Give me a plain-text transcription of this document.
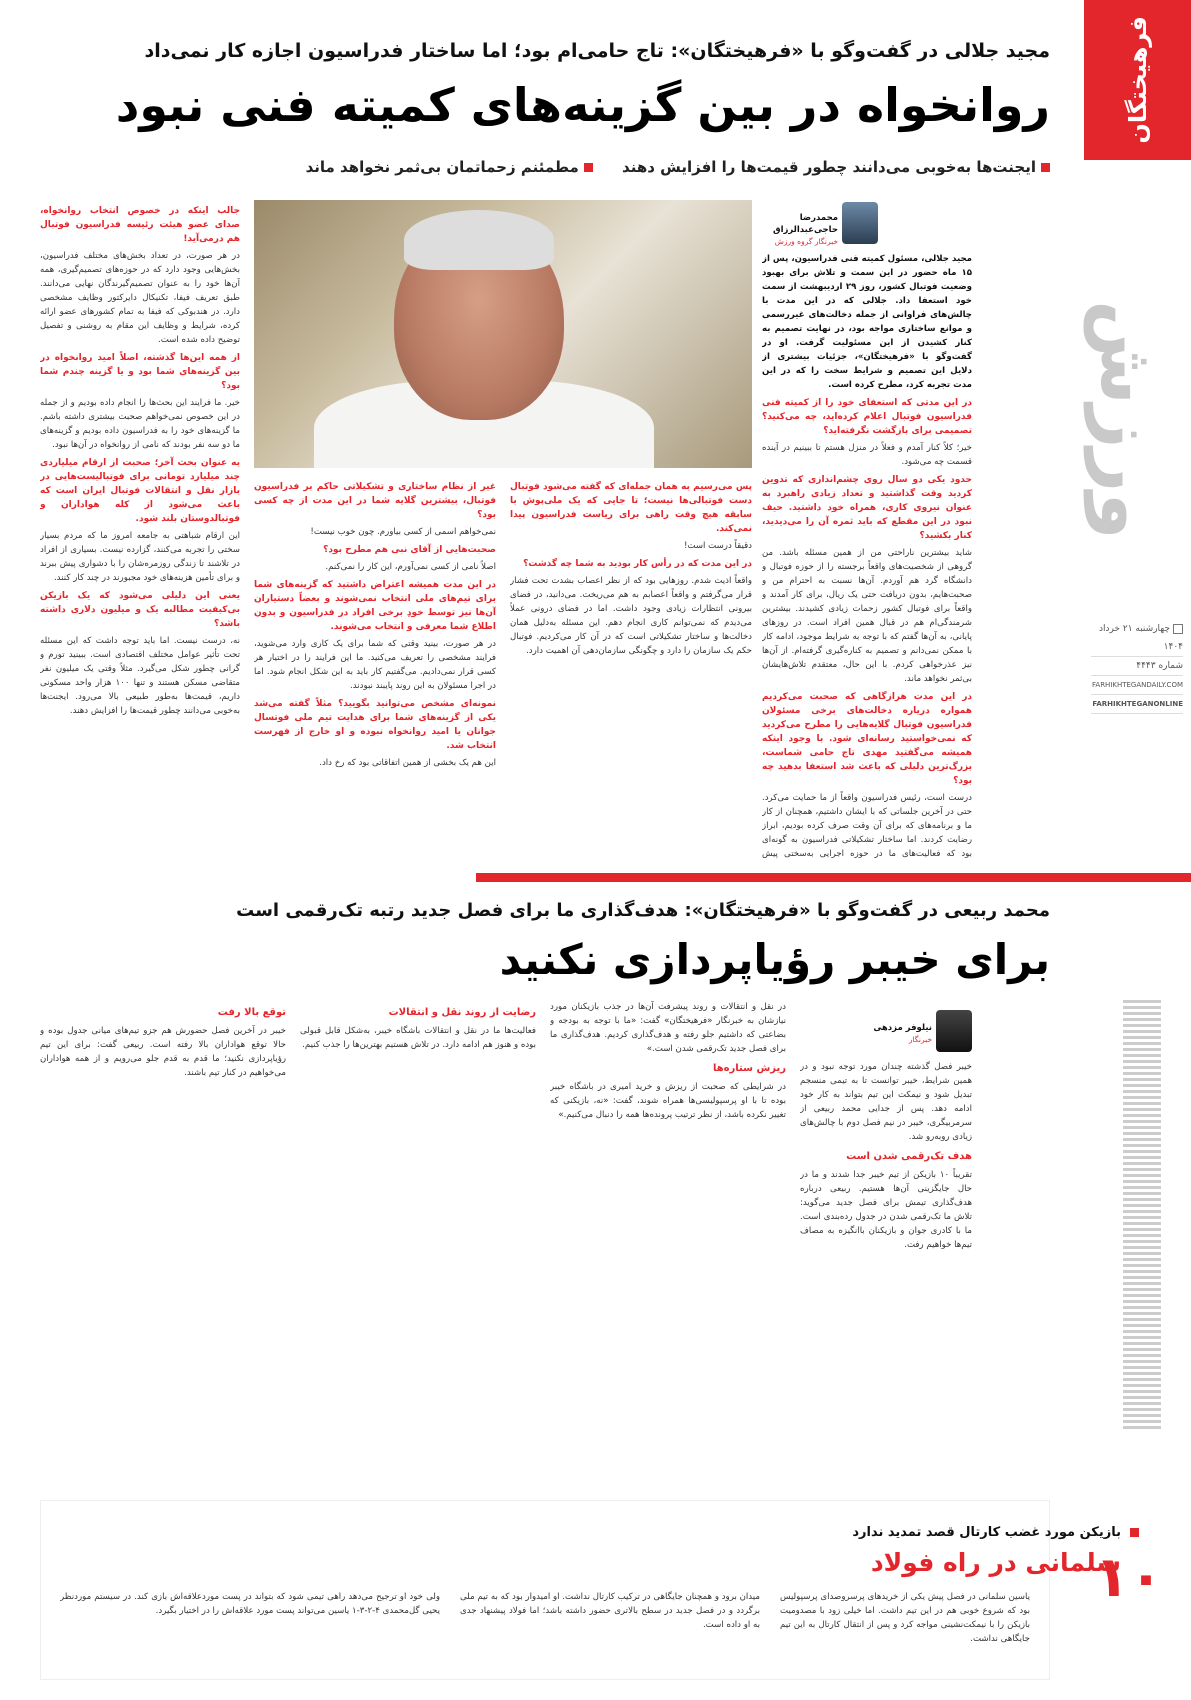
فرهیختگان
ورزش
چهارشنبه ۲۱ خرداد ۱۴۰۴
شماره ۴۴۴۳
FARHIKHTEGANDAILY.COM
FARHIKHTEGANONLINE
۱۰
مجید جلالی در گفت‌وگو با «فرهیختگان»: تاج حامی‌ام بود؛ اما ساختار فدراسیون اجازه کار نمی‌داد
روانخواه در بین گزینه‌های کمیته فنی نبود
ایجنت‌ها به‌خوبی می‌دانند چطور قیمت‌ها را افزایش دهند مطمئنم زحماتمان بی‌ثمر نخواهد ماند
محمدرضا حاجی‌عبدالرزاق
خبرنگار گروه ورزش

مجید جلالی، مسئول کمیته فنی فدراسیون، پس از ۱۵ ماه حضور در این سمت و تلاش برای بهبود وضعیت فوتبال کشور، روز ۲۹ اردیبهشت از سمت خود استعفا داد. جلالی که در این مدت با چالش‌های فراوانی از جمله دخالت‌های غیررسمی و موانع ساختاری مواجه بود، در نهایت تصمیم به کنار کشیدن از این مسئولیت گرفت. او در گفت‌وگو با «فرهیختگان»، جزئیات بیشتری از دلایل این تصمیم و شرایط سخت را که در این مدت تجربه کرد، مطرح کرده است.

در این مدتی که استعفای خود را از کمیته فنی فدراسیون فوتبال اعلام کرده‌اید، چه می‌کنید؟ تصمیمی برای بازگشت نگرفته‌اید؟

خیر؛ کلاً کنار آمدم و فعلاً در منزل هستم تا ببینیم در آینده قسمت چه می‌شود.

حدود یکی دو سال روی چشم‌اندازی که تدوین کردید وقت گذاشتید و تعداد زیادی راهبرد به عنوان نیروی کاری، همراه خود داشتید. حیف نبود در این مقطع که باید ثمره آن را می‌دیدید، کنار بکشید؟

شاید بیشترین ناراحتی من از همین مسئله باشد. من گروهی از شخصیت‌های واقعاً برجسته را از حوزه فوتبال و دانشگاه گرد هم آوردم. آن‌ها نسبت به احترام من و صحبت‌هایم، بدون دریافت حتی یک ریال، برای کار آمدند و واقعاً برای فوتبال کشور زحمات زیادی کشیدند. بیشترین شرمندگی‌ام هم در قبال همین افراد است. در روزهای پایانی، به آن‌ها گفتم که با توجه به شرایط موجود، ادامه کار با ممکن نمی‌دانم و تصمیم به کناره‌گیری گرفته‌ام. از آن‌ها نیز عذرخواهی کردم. با این حال، معتقدم تلاش‌هایشان بی‌ثمر نخواهد ماند.

در این مدت هرازگاهی که صحبت می‌کردیم همواره دریاره دخالت‌های برخی مسئولان فدراسیون فوتبال گلایه‌هایی را مطرح می‌کردید که نمی‌خواستید رسانه‌ای شود. با وجود اینکه همیشه می‌گفتید مهدی تاج حامی شماست، بزرگ‌ترین دلیلی که باعث شد استعفا بدهید چه بود؟

درست است، رئیس فدراسیون واقعاً از ما حمایت می‌کرد. حتی در آخرین جلساتی که با ایشان داشتیم، همچنان از کار ما و برنامه‌های که برای آن وقت صرف کرده بودیم، ابراز رضایت کردند. اما ساختار تشکیلاتی فدراسیون به گونه‌ای بود که فعالیت‌های ما در حوزه اجرایی به‌سختی پیش

پس می‌رسیم به همان جمله‌ای که گفته می‌شود فوتبال دست فوتبالی‌ها نیست؛ تا جایی که یک ملی‌پوش با سابقه هیچ وقت راهی برای ریاست فدراسیون پیدا نمی‌کند.

دقیقاً درست است!

در این مدت که در رأس کار بودید به شما چه گذشت؟

واقعاً اذیت شدم. روزهایی بود که از نظر اعصاب بشدت تحت فشار قرار می‌گرفتم و واقعاً اعصابم به هم می‌ریخت. می‌دانید، در فضای بیرونی انتظارات زیادی وجود داشت. اما در فضای درونی عملاً می‌دیدم که نمی‌توانم کاری انجام دهم. این مسئله به‌دلیل همان دخالت‌ها و ساختار تشکیلاتی است که در آن کار می‌کردیم. فوتبال حکم یک سازمان را دارد و چگونگی سازمان‌دهی آن اهمیت دارد.

غیر از نظام ساختاری و تشکیلاتی حاکم بر فدراسیون فوتبال، بیشترین گلایه شما در این مدت از چه کسی بود؟

نمی‌خواهم اسمی از کسی بیاورم. چون خوب نیست!

صحبت‌هایی از آقای نبی هم مطرح بود؟

اصلاً نامی از کسی نمی‌آورم، این کار را نمی‌کنم.

در این مدت همیشه اعتراض داشتید که گزینه‌های شما برای تیم‌های ملی انتخاب نمی‌شوند و بعضاً دستیاران آن‌ها نیز توسط خودِ برخی افراد در فدراسیون و بدون اطلاع شما معرفی و انتخاب می‌شوند.

در هر صورت، بینید وقتی که شما برای یک کاری وارد می‌شوید، فرایند مشخصی را تعریف می‌کنید. ما این فرایند را در اختیار هر کسی قرار نمی‌دادیم. می‌گفتیم کار باید به این شکل انجام شود. اما در اجرا مسئولان به این روند پایبند نبودند.

نمونه‌ای مشخص می‌توانید بگویید؟ مثلاً گفته می‌شد یکی از گزینه‌های شما برای هدایت تیم ملی فوتسال جوانان یا امید روانخواه نبوده و او خارج از فهرست انتخاب شد.

این هم یک بخشی از همین اتفاقاتی بود که رخ داد.

جالب اینکه در خصوص انتخاب روانخواه، صدای عضو هیئت رئیسه فدراسیون فوتبال هم درمی‌آید!

در هر صورت، در تعداد بخش‌های مختلف فدراسیون، بخش‌هایی وجود دارد که در حوزه‌های تصمیم‌گیری، همه آن‌ها خود را به عنوان تصمیم‌گیرندگان نهایی می‌دانند. طبق تعریف فیفا، تکنیکال دایرکتور وظایف مشخصی دارد. در هندبوکی که فیفا به تمام کشورهای عضو ارائه کرده، شرایط و وظایف این مقام به روشنی و تفصیل توضیح داده شده است.

از همه این‌ها گذشته، اصلاً امید روانخواه در بین گزینه‌های شما بود و یا گزینه چندم شما بود؟

خیر. ما فرایند این بحث‌ها را انجام داده بودیم و از جمله در این خصوص نمی‌خواهم صحبت بیشتری داشته باشم. ما گزینه‌های خود را به فدراسیون داده بودیم و گزینه‌های ما دو سه نفر بودند که نامی از روانخواه در آن‌ها نبود.

به عنوان بحث آخر؛ صحبت از ارقام میلیاردی چند میلیارد تومانی برای فوتبالیست‌هایی در بازار نقل و انتقالات فوتبال ایران است که باعث می‌شود از کله هواداران و فوتبالدوستان بلند شود.

این ارقام شباهتی به جامعه امروز ما که مردم بسیار سختی را تجربه می‌کنند، گزارده نیست. بسیاری از افراد در تلاشند تا زندگی روزمره‌شان را با دشواری پیش ببرند و برای تأمین هزینه‌های خود مجبورند در چند کار کنند.

یعنی این دلیلی می‌شود که یک بازیکن بی‌کیفیت مطالبه یک و میلیون دلاری داشته باشد؟

نه، درست نیست. اما باید توجه داشت که این مسئله تحت تأثیر عوامل مختلف اقتصادی است. ببینید تورم و گرانی چطور شکل می‌گیرد. مثلاً وقتی یک میلیون نفر متقاضی مسکن هستند و تنها ۱۰۰ هزار واحد مسکونی داریم، قیمت‌ها به‌طور طبیعی بالا می‌رود. ایجنت‌ها به‌خوبی می‌دانند چطور قیمت‌ها را افزایش دهند.

محمد ربیعی در گفت‌وگو با «فرهیختگان»: هدف‌گذاری ما برای فصل جدید رتبه تک‌رقمی است
برای خیبر رؤیاپردازی نکنید
نیلوفر مزدهی
خبرنگار

خیبر فصل گذشته چندان مورد توجه نبود و در همین شرایط، خیبر توانست تا به تیمی منسجم تبدیل شود و نیمکت این تیم بتواند به کار خود ادامه دهد. پس از جدایی محمد ربیعی از سرمربیگری، خیبر در نیم فصل دوم با چالش‌های زیادی روبه‌رو شد.

هدف تک‌رقمی شدن است

تقریباً ۱۰ بازیکن از تیم خیبر جدا شدند و ما در حال جایگزینی آن‌ها هستیم. ربیعی درباره هدف‌گذاری تیمش برای فصل جدید می‌گوید: تلاش ما تک‌رقمی شدن در جدول رده‌بندی است. ما با کادری جوان و بازیکنان باانگیزه به مصاف تیم‌ها خواهیم رفت.

در نقل و انتقالات و روند پیشرفت آن‌ها در جذب بازیکنان مورد نیازشان به خبرنگار «فرهیختگان» گفت: «ما با توجه به بودجه و بضاعتی که داشتیم جلو رفته و هدف‌گذاری کردیم. هدف‌گذاری ما برای فصل جدید تک‌رقمی شدن است.»

ریزش ستاره‌ها

در شرایطی که صحبت از ریزش و خرید امیری در باشگاه خیبر بوده تا با او پرسپولیسی‌ها همراه شوند، گفت: «نه، بازیکنی که تغییر نکرده باشد، از نظر ترتیب پرونده‌ها همه را دنبال می‌کنیم.»

رضایت از روند نقل و انتقالات

فعالیت‌ها ما در نقل و انتقالات باشگاه خیبر، به‌شکل قابل قبولی بوده و هنوز هم ادامه دارد. در تلاش هستیم بهترین‌ها را جذب کنیم.

توقع بالا رفت

خیبر در آخرین فصل حضورش هم جزو تیم‌های میانی جدول بوده و حالا توقع هواداران بالا رفته است. ربیعی گفت: برای این تیم رؤیاپردازی نکنید؛ ما قدم به قدم جلو می‌رویم و از همه هواداران می‌خواهیم در کنار تیم باشند.

بازیکن مورد غضب کارتال قصد تمدید ندارد
سلمانی در راه فولاد

یاسین سلمانی در فصل پیش یکی از خریدهای پرسروصدای پرسپولیس بود که شروع خوبی هم در این تیم داشت. اما خیلی زود با مصدومیت بازیکن را با نیمکت‌نشینی مواجه کرد و پس از انتقال کارتال به این تیم جایگاهی نداشت.

میدان برود و همچنان جایگاهی در ترکیب کارتال نداشت. او امیدوار بود که به تیم ملی برگردد و در فصل جدید در سطح بالاتری حضور داشته باشد؛ اما فولاد پیشنهاد جدی به او داده است.

ولی خود او ترجیح می‌دهد راهی تیمی شود که بتواند در پست موردعلاقه‌اش بازی کند. در سیستم موردنظر یحیی گل‌محمدی ۴-۲-۳-۱ یاسین می‌تواند پست مورد علاقه‌اش را در اختیار بگیرد.
